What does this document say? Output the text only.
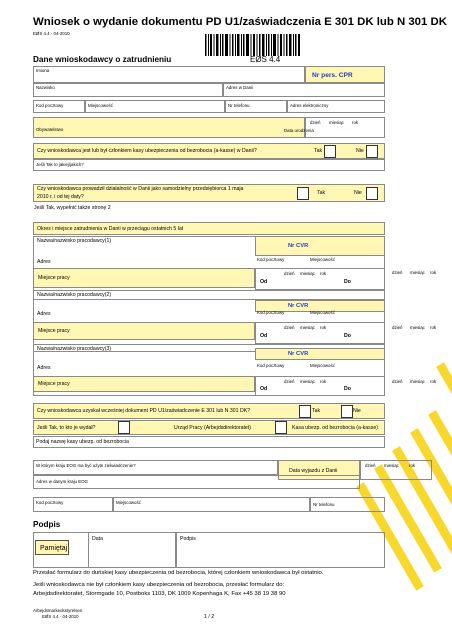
Wniosek o wydanie dokumentu PD U1/zaświadczenia E 301 DK lub N 301 DK
EØS 4.4 - 04-2010
EØS 4.4
Dane wnioskodawcy o zatrudnieniu
Imiona
Nr pers. CPR
Nazwisko	Adres w Danii
Kod pocztowy	Miejscowość	Nr telefonu	Adres elektroniczny
Obywatelstwo	Data urodzenia
dzień miesiąc rok
Czy wnioskodawca jest lub był członkiem kasy ubezpieczenia od bezrobocia (a-kasse) w Danii?	Tak	Nie
Jeśli Tak to jakiej/jakich?
Czy wnioskodawca prowadził działalność w Danii jako samodzielny przedsiębiorca 1 maja
2010 r. i od tej daty?
Tak	Nie
Jeśli Tak, wypełnić także stronę 2
Okres i miejsce zatrudnienia w Danii w przeciągu ostatnich 5 lat
Nazwa/nazwisko pracodawcy(1)
Nr CVR
Adres	Kod pocztowy	Miejscowość
Miejsce pracy
Od
dzień miesiąc rok
Do
dzień miesiąc rok
Nazwa/nazwisko pracodawcy(2)
Nr CVR
Adres	Kod pocztowy	Miejscowość
Miejsce pracy
Od
dzień miesiąc rok
Do
dzień miesiąc rok
Nazwa/nazwisko pracodawcy(3)
Nr CVR
Adres	Kod pocztowy	Miejscowość
Miejsce pracy
Od
dzień miesiąc rok
Do
dzień miesiąc rok
Czy wnioskodawca uzyskał wcześniej dokument PD U1/zaświadczenie E 301 lub N 301 DK?	Tak	Nie
Jeśli Tak, to kto je wydał?	Urząd Pracy (Arbejdsdirektoratet)	Kasa ubezp. od bezrobocia (a-kasse)
Podaj nazwę kasy ubezp. od bezrobocia
W którym kraju EOG ma być użyte zaświadczenie?
Data wyjazdu z Danii
dzień miesiąc rok
Adres w danym kraju EOG
Kod pocztowy	Miejscowość	Nr telefonu
Podpis
Pamiętaj
Data	Podpis
Przesłać formularz do duńskiej kasy ubezpieczenia od bezrobocia, której członkiem wnioskodawca był ostatnio.
Jeśli wnioskodawca nie był członkiem kasy ubezpieczenia od bezrobocia, przesłać formularz do:
Arbejdsdirektoratet, Stormgade 10, Postboks 1103, DK 1009 Kopenhaga K, Fax +45 38 19 38 90
Arbejdsmarkedsstyrelsen
EØS 4.4 - 04-2010	1 / 2
